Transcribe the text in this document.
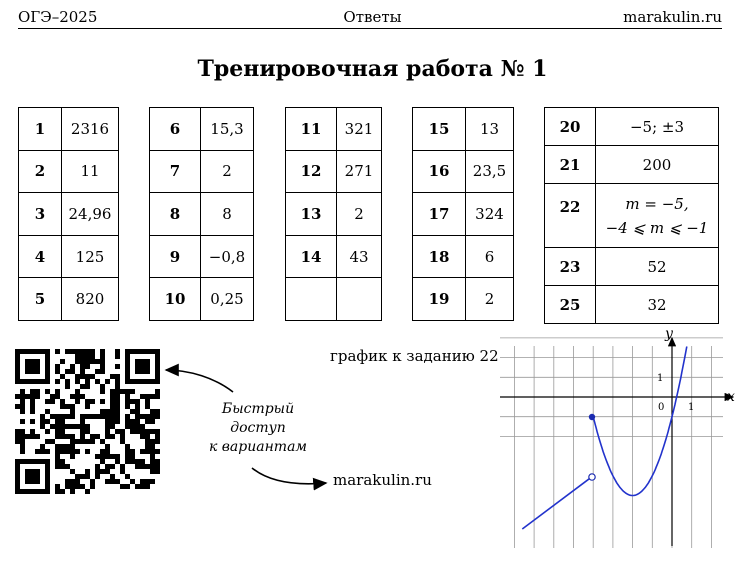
ОГЭ–2025	Ответы	marakulin.ru
Тренировочная работа № 1
1	2316
2	11
3	24,96
4	125
5	820
6	15,3
7	2
8	8
9	−0,8
10	0,25
11	321
12	271
13	2
14	43

15	13
16	23,5
17	324
18	6
19	2
20	−5; ±3
21	200
22	m = −5,
−4 ⩽ m ⩽ −1

23	52
25	32
Быстрый
доступ
к вариантам
marakulin.ru
график к заданию 22
y
x
1
0 1
